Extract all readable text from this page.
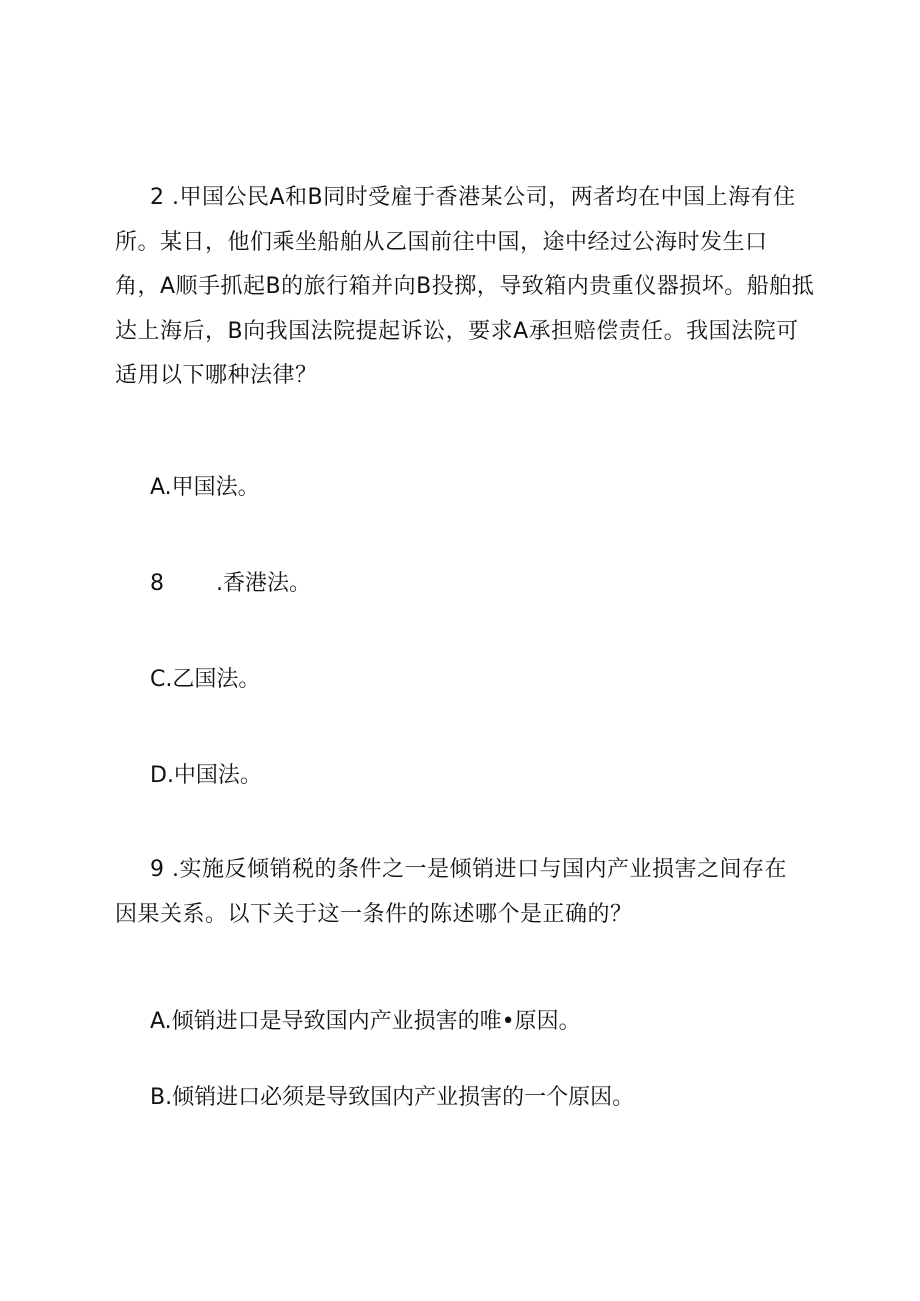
2 .甲国公民A和B同时受雇于香港某公司，两者均在中国上海有住
所。某日，他们乘坐船舶从乙国前往中国，途中经过公海时发生口
角，A顺手抓起B的旅行箱并向B投掷，导致箱内贵重仪器损坏。船舶抵
达上海后，B向我国法院提起诉讼，要求A承担赔偿责任。我国法院可
适用以下哪种法律？

A.甲国法。

8 .香港法。

C.乙国法。

D.中国法。

9 .实施反倾销税的条件之一是倾销进口与国内产业损害之间存在
因果关系。以下关于这一条件的陈述哪个是正确的？

A.倾销进口是导致国内产业损害的唯•原因。

B.倾销进口必须是导致国内产业损害的一个原因。
